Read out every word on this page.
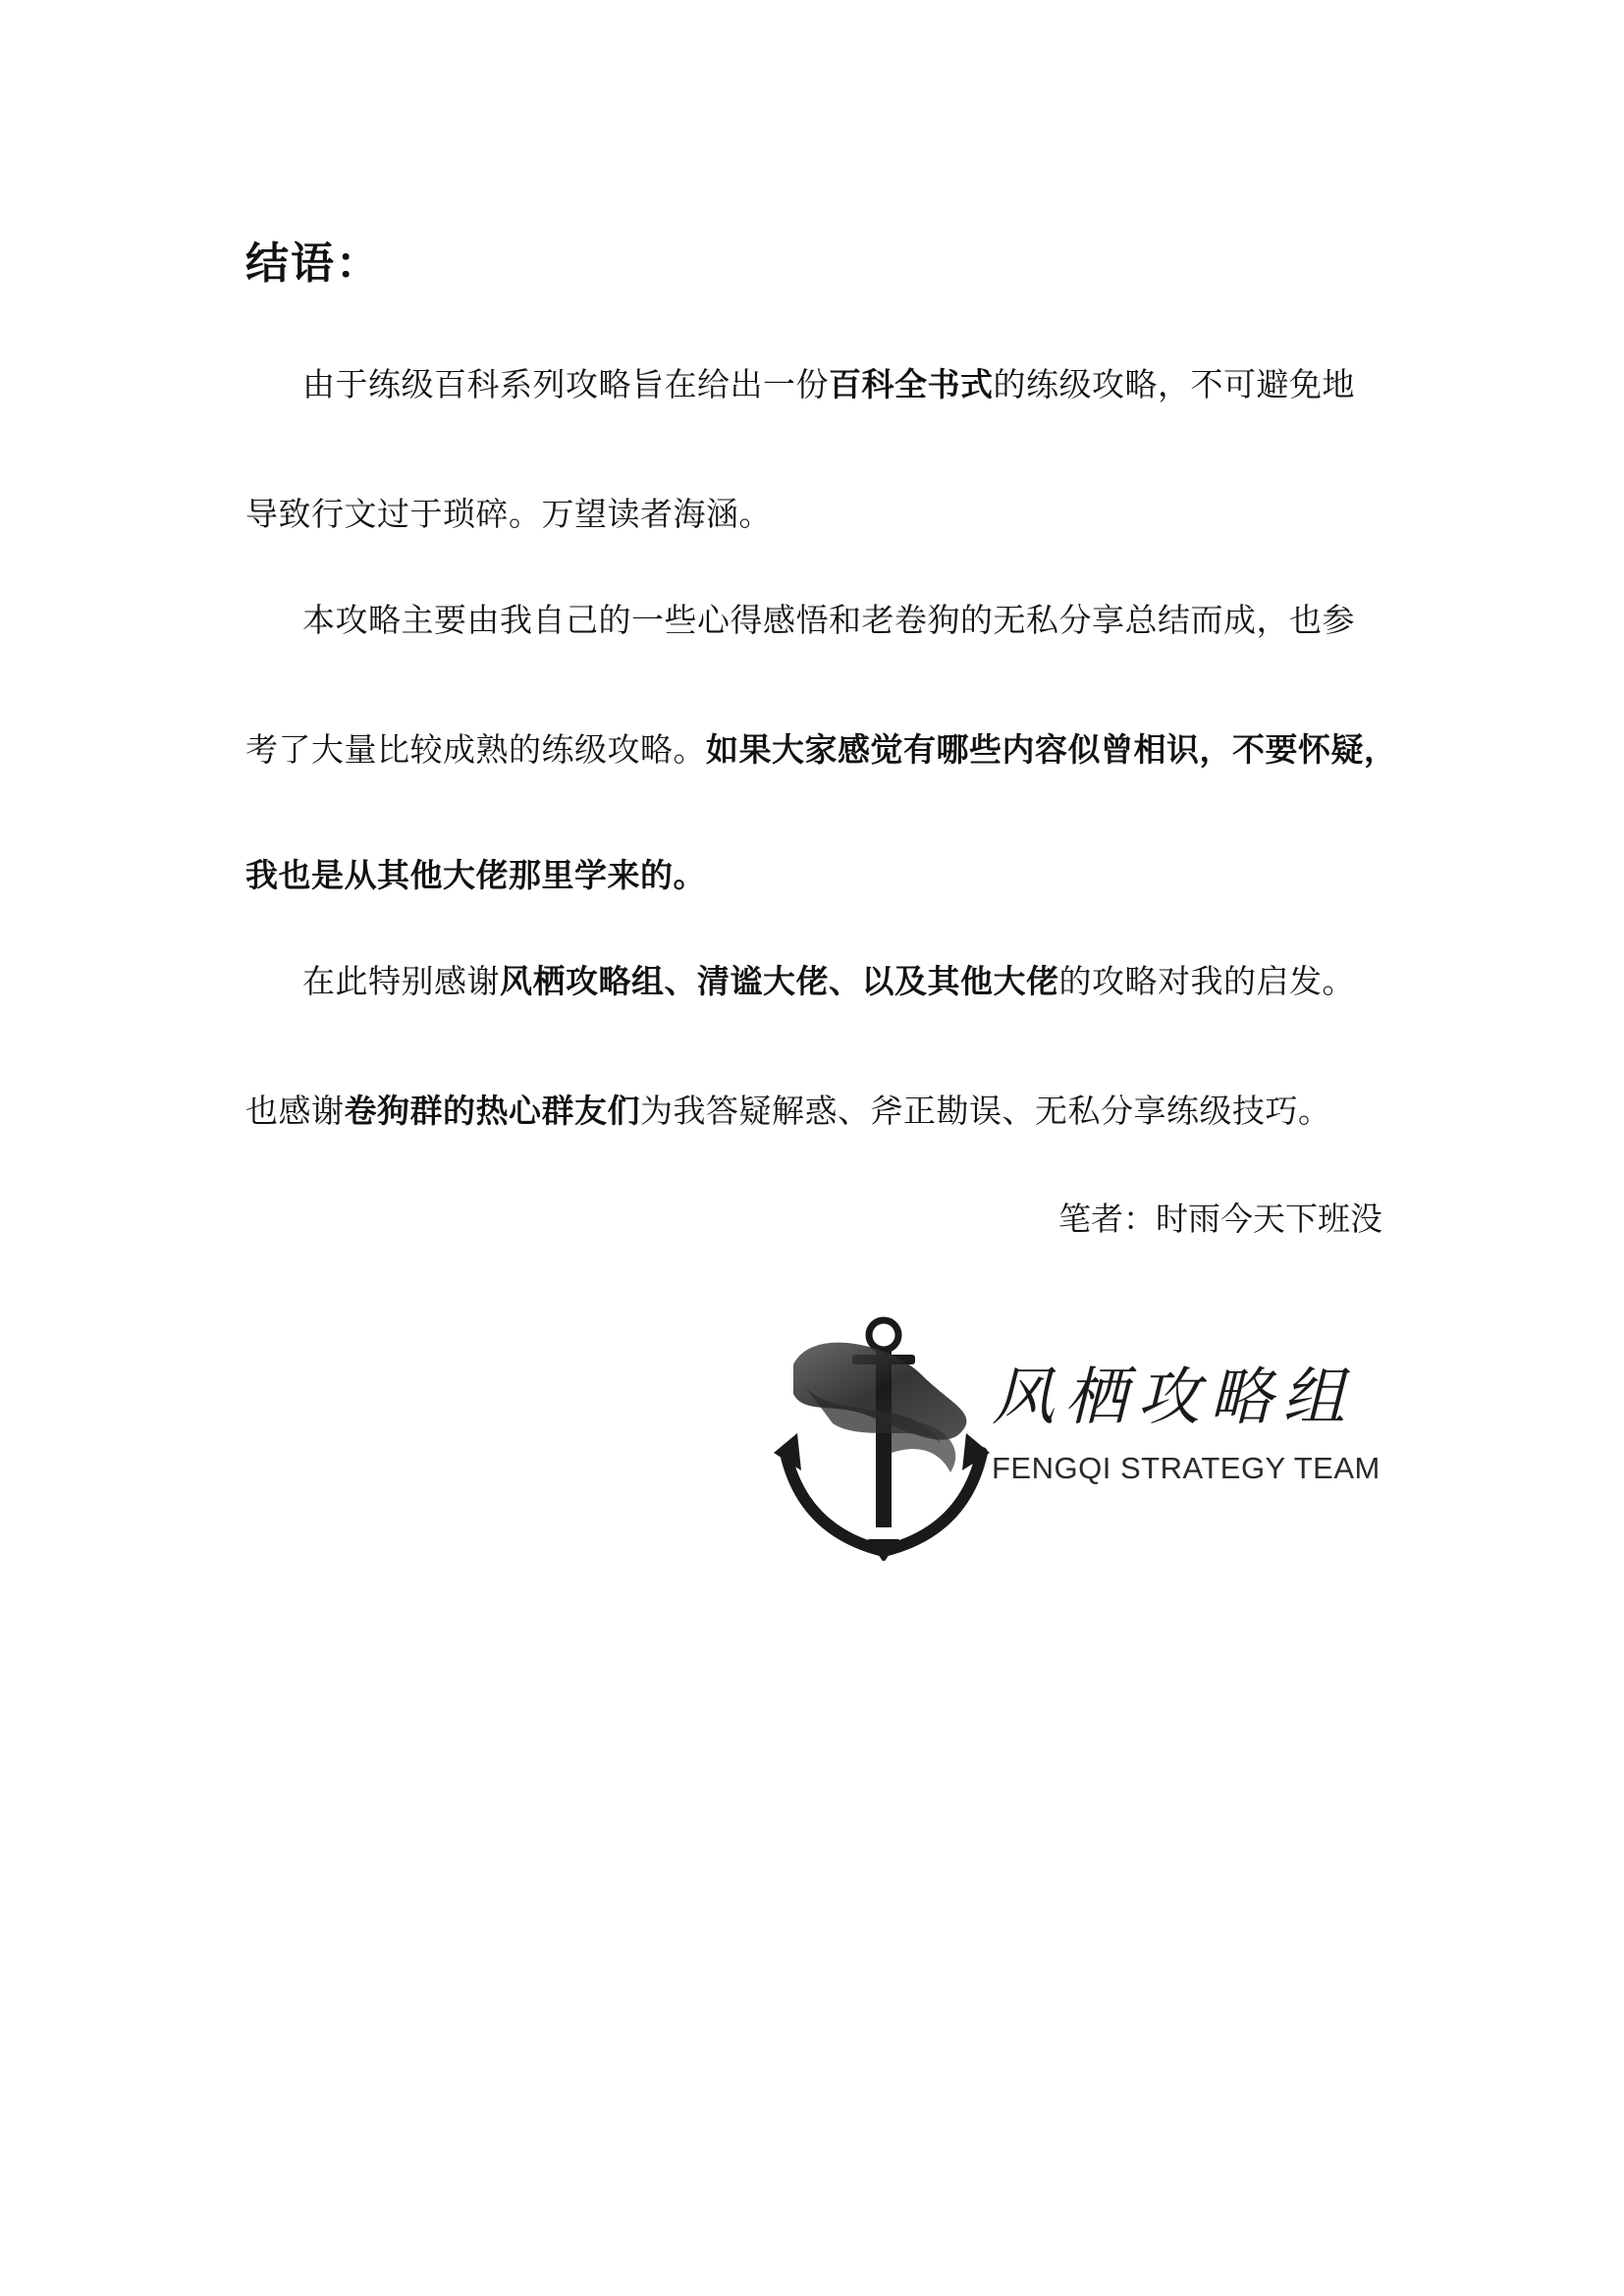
结语：
由于练级百科系列攻略旨在给出一份百科全书式的练级攻略，不可避免地
导致行文过于琐碎。万望读者海涵。
本攻略主要由我自己的一些心得感悟和老卷狗的无私分享总结而成，也参
考了大量比较成熟的练级攻略。如果大家感觉有哪些内容似曾相识，不要怀疑，
我也是从其他大佬那里学来的。
在此特别感谢风栖攻略组、清谧大佬、以及其他大佬的攻略对我的启发。
也感谢卷狗群的热心群友们为我答疑解惑、斧正勘误、无私分享练级技巧。
笔者：时雨今天下班没
风栖攻略组
FENGQI STRATEGY TEAM
